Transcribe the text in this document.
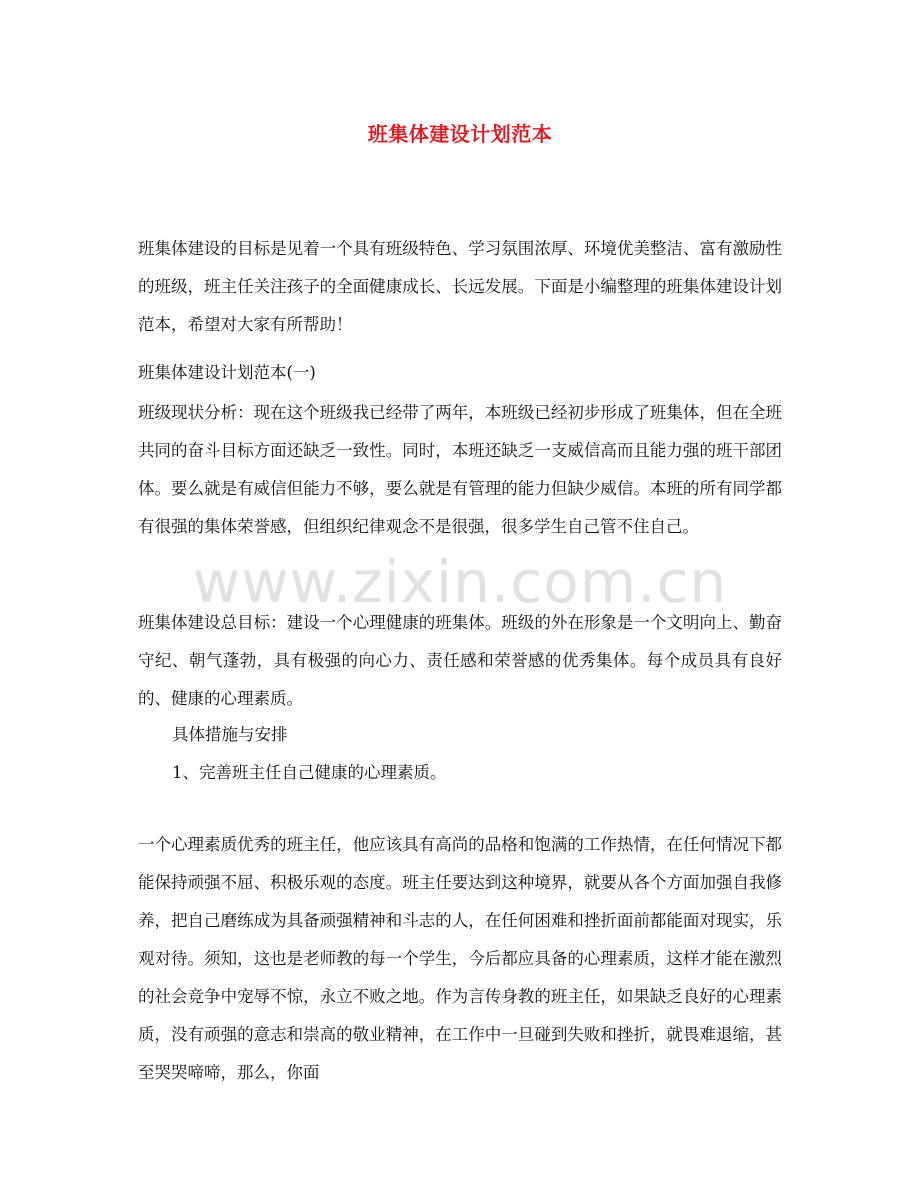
班集体建设计划范本
www.zixin.com.cn

班集体建设的目标是见着一个具有班级特色、学习氛围浓厚、环境优美整洁、富有激励性的班级，班主任关注孩子的全面健康成长、长远发展。下面是小编整理的班集体建设计划范本，希望对大家有所帮助！

班集体建设计划范本(一)

班级现状分析：现在这个班级我已经带了两年，本班级已经初步形成了班集体，但在全班共同的奋斗目标方面还缺乏一致性。同时，本班还缺乏一支威信高而且能力强的班干部团体。要么就是有威信但能力不够，要么就是有管理的能力但缺少威信。本班的所有同学都有很强的集体荣誉感，但组织纪律观念不是很强，很多学生自己管不住自己。

班集体建设总目标：建设一个心理健康的班集体。班级的外在形象是一个文明向上、勤奋守纪、朝气蓬勃，具有极强的向心力、责任感和荣誉感的优秀集体。每个成员具有良好的、健康的心理素质。

具体措施与安排

1、完善班主任自己健康的心理素质。

一个心理素质优秀的班主任，他应该具有高尚的品格和饱满的工作热情，在任何情况下都能保持顽强不屈、积极乐观的态度。班主任要达到这种境界，就要从各个方面加强自我修养，把自己磨练成为具备顽强精神和斗志的人，在任何困难和挫折面前都能面对现实，乐观对待。须知，这也是老师教的每一个学生，今后都应具备的心理素质，这样才能在激烈的社会竞争中宠辱不惊，永立不败之地。作为言传身教的班主任，如果缺乏良好的心理素质，没有顽强的意志和崇高的敬业精神，在工作中一旦碰到失败和挫折，就畏难退缩，甚至哭哭啼啼，那么，你面
